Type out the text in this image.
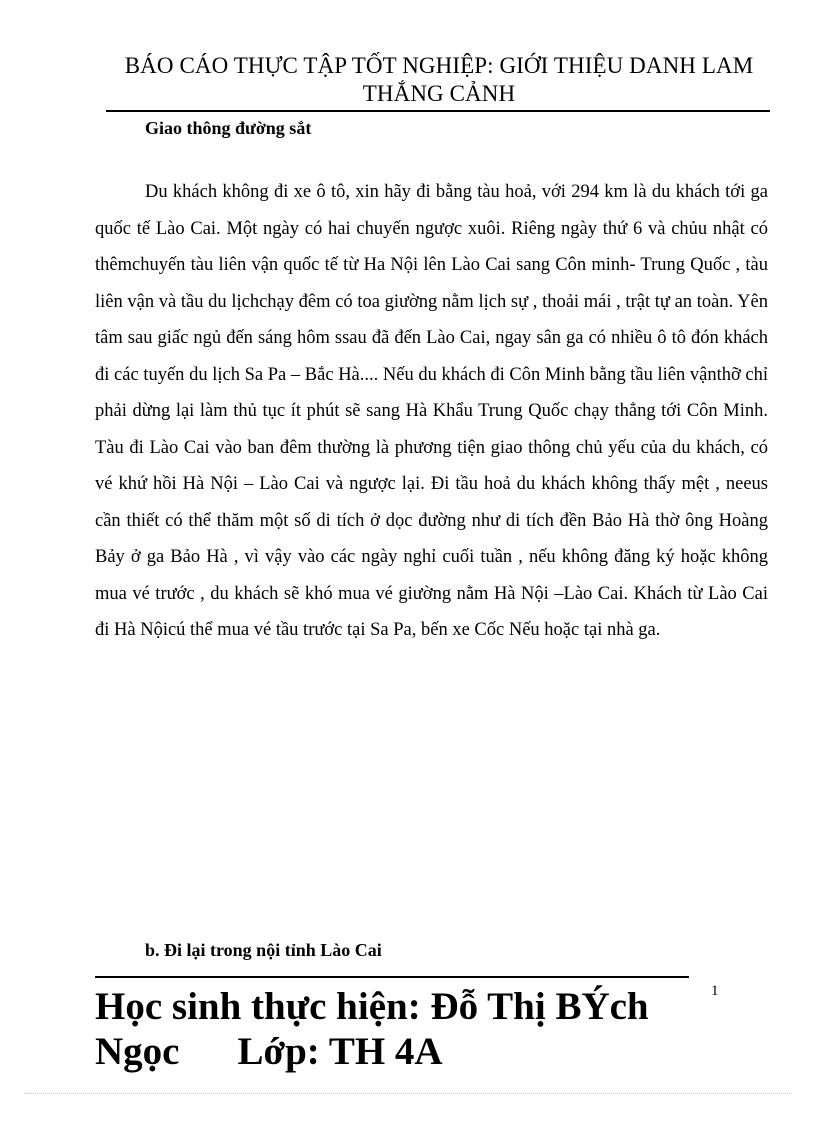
BÁO CÁO THỰC TẬP TỐT NGHIỆP: GIỚI THIỆU DANH LAM
THẮNG CẢNH
Giao thông đường sắt

Du khách không đi xe ô tô, xin hãy đi bằng tàu hoả, với 294 km là du khách tới ga quốc tế Lào Cai. Một ngày có hai chuyến ngược xuôi. Riêng ngày thứ 6 và chủu nhật có thêmchuyến tàu liên vận quốc tế từ Ha Nội lên Lào Cai sang Côn minh- Trung Quốc , tàu liên vận và tầu du lịchchạy đêm có toa giường nằm lịch sự , thoải mái , trật tự an toàn. Yên tâm sau giấc ngủ đến sáng hôm ssau đã đến Lào Cai, ngay sân ga có nhiều ô tô đón khách đi các tuyến du lịch Sa Pa – Bắc Hà.... Nếu du khách đi Côn Minh bằng tầu liên vậnthỡ chỉ phải dừng lại làm thủ tục ít phút sẽ sang Hà Khẩu Trung Quốc chạy thẳng tới Côn Minh. Tàu đi Lào Cai vào ban đêm thường là phương tiện giao thông chủ yếu của du khách, có vé khứ hồi Hà Nội – Lào Cai và ngược lại. Đi tầu hoả du khách không thấy mệt , neeus cần thiết có thể thăm một số di tích ở dọc đường như di tích đền Bảo Hà thờ ông Hoàng Bảy ở ga Bảo Hà , vì vậy vào các ngày nghỉ cuối tuần , nếu không đăng ký hoặc không mua vé trước , du khách sẽ khó mua vé giường nằm Hà Nội –Lào Cai. Khách từ Lào Cai đi Hà Nộicú thể mua vé tầu trước tại Sa Pa, bến xe Cốc Nếu hoặc tại nhà ga.

b. Đi lại trong nội tỉnh Lào Cai
1
Học sinh thực hiện: Đỗ Thị BÝch
Ngọc Lớp: TH 4A
